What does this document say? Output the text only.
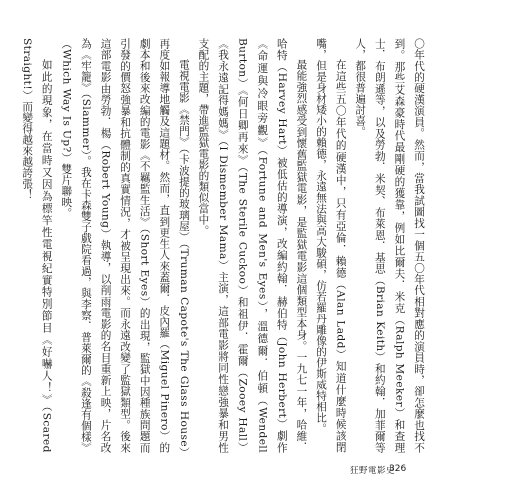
〇年代的硬漢演員。然而，當我試圖找一個五〇年代相對應的演員時，卻怎麼也找不到。那些艾森豪時代最剛硬的獲靠，例如比爾夫．米克（Ralph Meeker）和查理士．布朗遜等，以及勞勃．米契、布萊恩．基思（Brian Keith）和約翰．加菲爾等人，都很普遍討喜。

在這些五〇年代的硬漢中，只有亞倫．賴德（Alan Ladd）知道什麼時候該閉嘴，但是身材矮小的賴德，永遠無法與高大駿碩，仿若羅丹雕像的伊斯威特相比。

最能強烈感受到懷舊監獄電影，是監獄電影這個類型本身。一九七一年，哈維．哈特（Harvey Hart）被低估的導演，改編約翰．赫伯特（John Herbert）劇作《命運與冷眼旁觀》（Fortune and Men's Eyes），溫德爾．伯頓（Wendell Burton）《何日卿再來》（The Sterile Cuckoo）和祖伊．霍爾（Zooey Hall）《我永遠記得媽媽》（I Dismember Mama）主演，這部電影將同性戀強暴和男性支配的主題，帶進監獄電影的類似當中。

電視電影《禁門》（卡波提的玻璃屋）（Truman Capote's The Glass House）再度如報導地觸及這題材。然而，直到更生人來蓋爾．皮內羅（Miguel Pinero）的劇本和後來改編的電影《不羈監生活》（Short Eyes）的出現，監獄中因種族問題而引發的價怒強暴和抗體制的真實情況，才被呈現出來。而永遠改變了監獄類型。後來這部電影由勞勃．楊（Robert Young）執導，以削雨電影的名目重新上映，片名改為《牢籠》（Slammer）。我在卡森雙子戲院看過，與李察．普萊爾的《殺逢有個樣》（Which Way Is Up?）雙片聯映。

如此的現象，在當時又因為標竿性電視紀實特別節目《好嚇人！》（Scared Straight!）而變得越來越誇張！

狂野電影史
326
